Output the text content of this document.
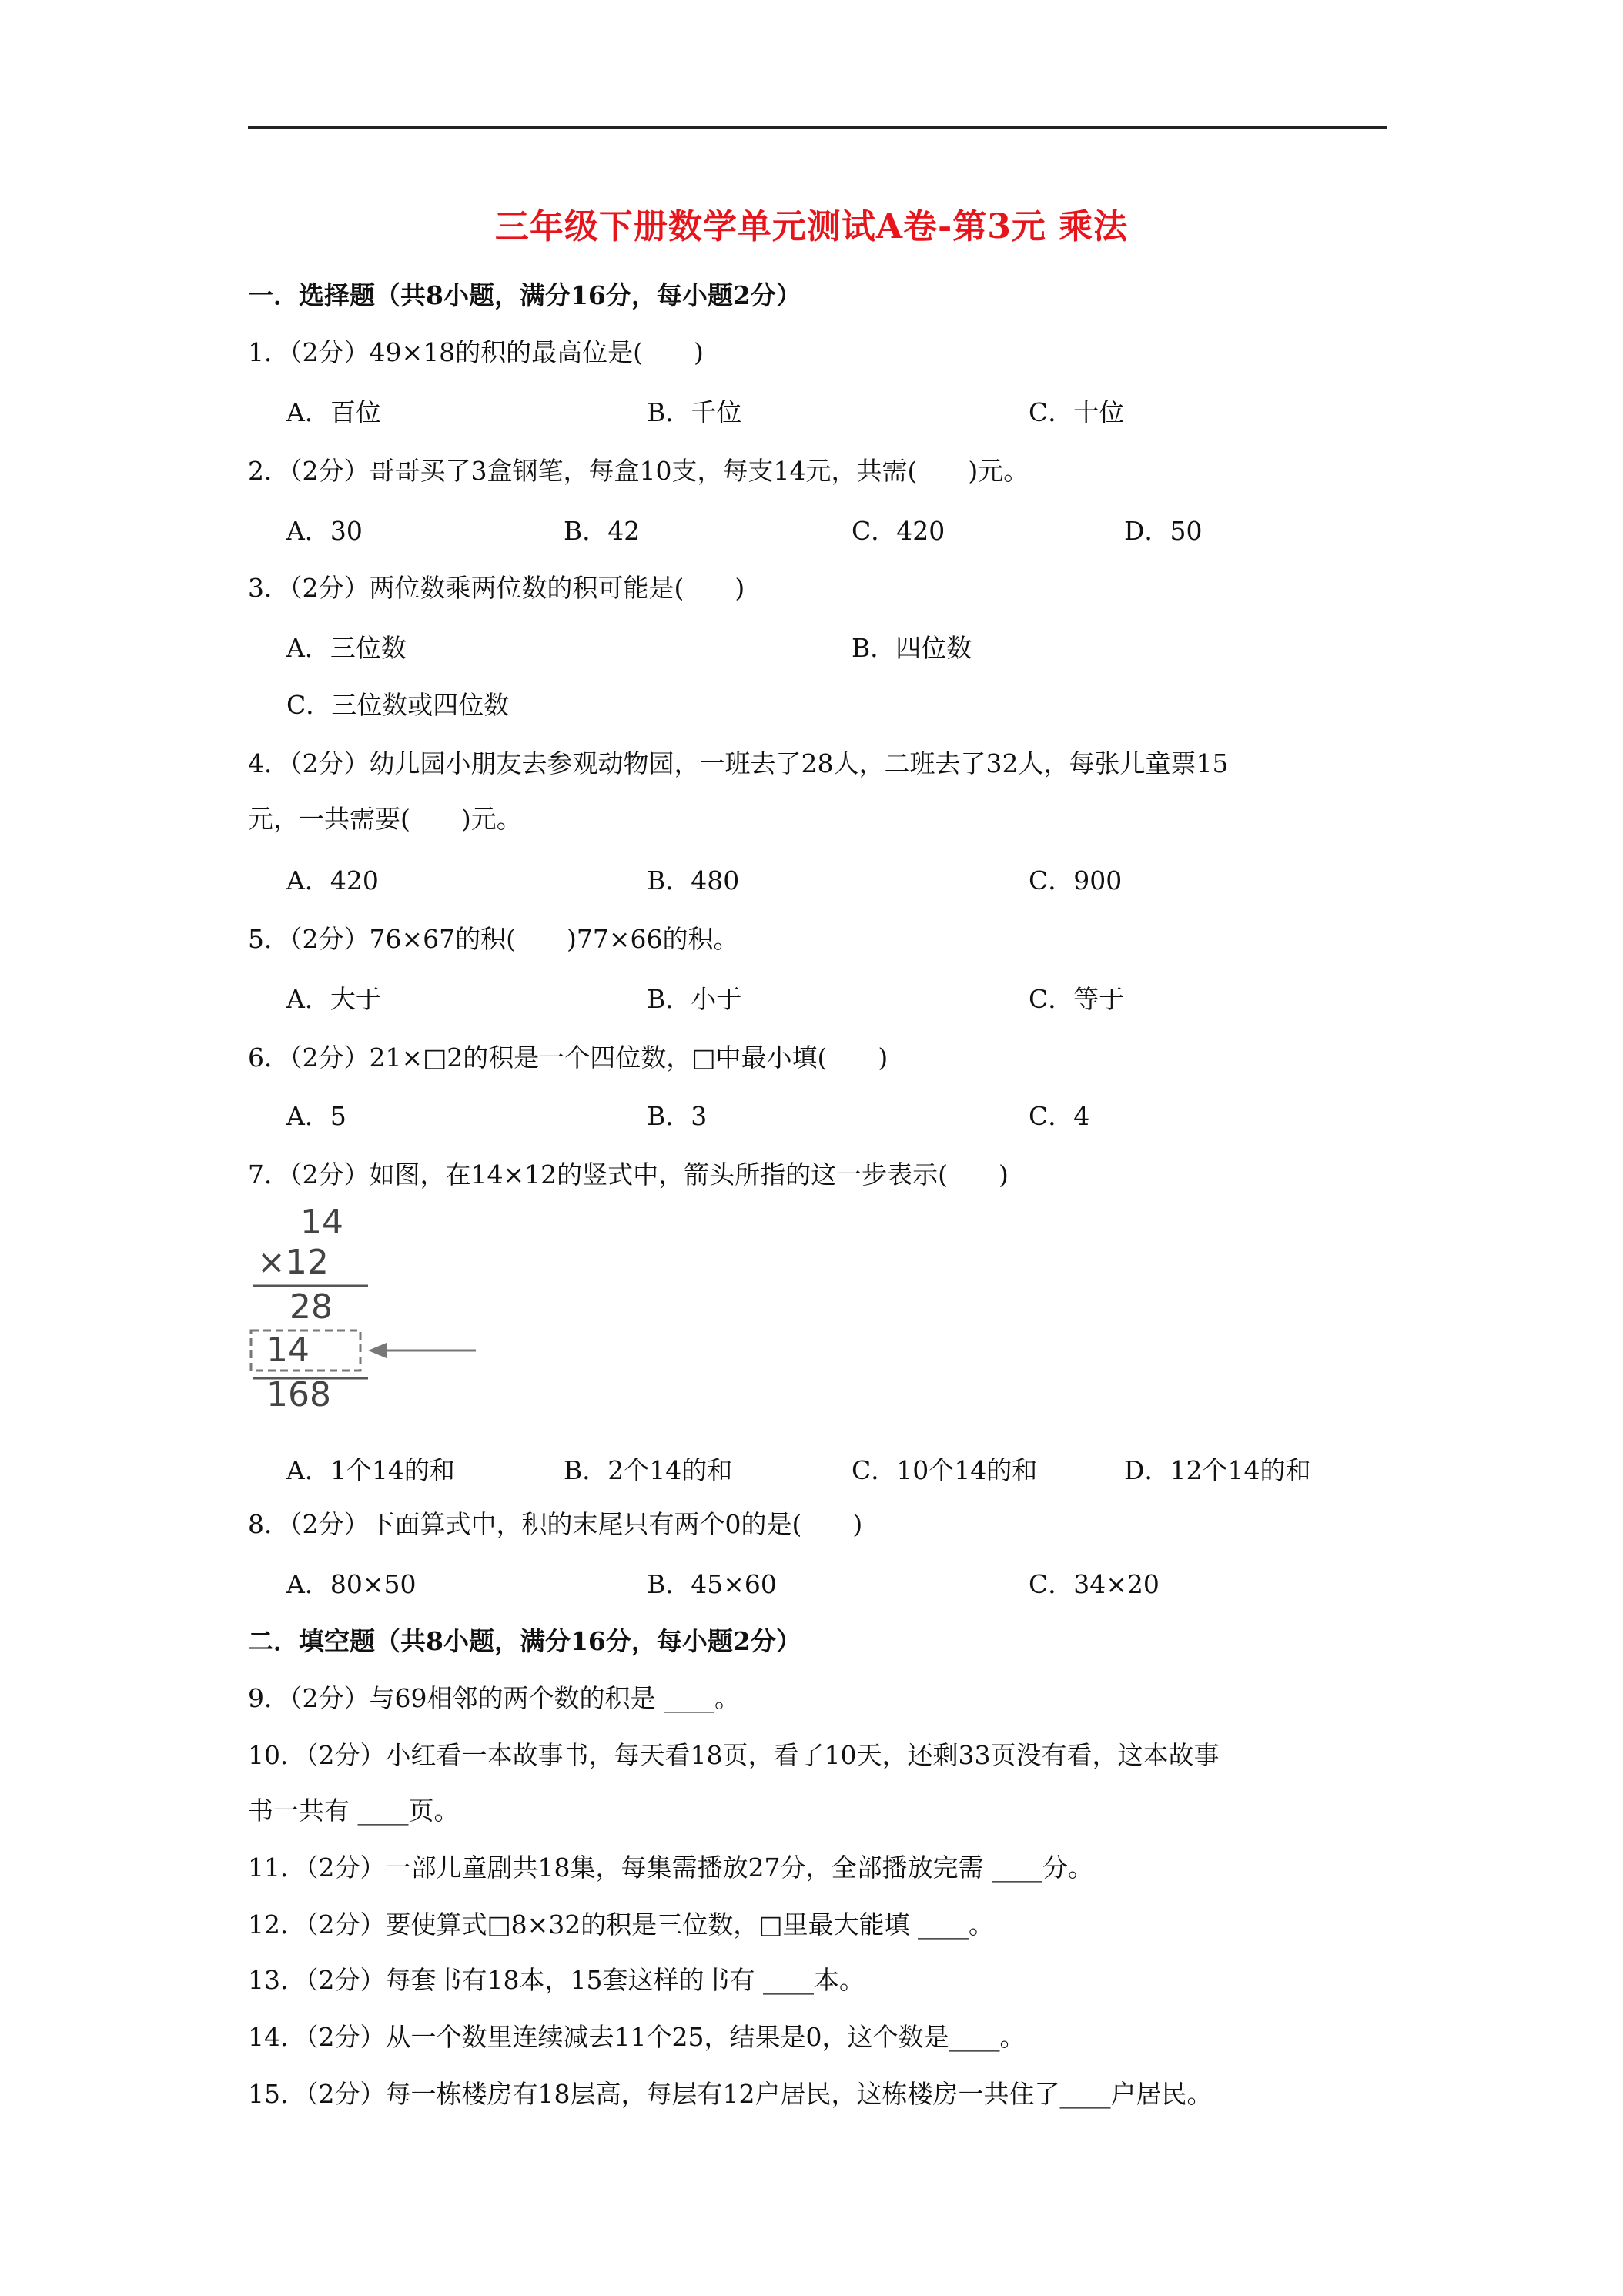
三年级下册数学单元测试A卷-第3元 乘法
一．选择题（共8小题，满分16分，每小题2分）
1．（2分）49×18的积的最高位是(　　)
A．百位	B．千位	C．十位
2．（2分）哥哥买了3盒钢笔，每盒10支，每支14元，共需(　　)元。
A．30	B．42	C．420	D．50
3．（2分）两位数乘两位数的积可能是(　　)
A．三位数	B．四位数
C．三位数或四位数
4．（2分）幼儿园小朋友去参观动物园，一班去了28人，二班去了32人，每张儿童票15
元，一共需要(　　)元。
A．420	B．480	C．900
5．（2分）76×67的积(　　)77×66的积。
A．大于	B．小于	C．等于
6．（2分）21×□2的积是一个四位数，□中最小填(　　)
A．5	B．3	C．4
7．（2分）如图，在14×12的竖式中，箭头所指的这一步表示(　　)
14
×12
28
14
168
A．1个14的和	B．2个14的和	C．10个14的和	D．12个14的和
8．（2分）下面算式中，积的末尾只有两个0的是(　　)
A．80×50	B．45×60	C．34×20
二．填空题（共8小题，满分16分，每小题2分）
9．（2分）与69相邻的两个数的积是 ____。
10．（2分）小红看一本故事书，每天看18页，看了10天，还剩33页没有看，这本故事
书一共有 ____页。
11．（2分）一部儿童剧共18集，每集需播放27分，全部播放完需 ____分。
12．（2分）要使算式□8×32的积是三位数，□里最大能填 ____。
13．（2分）每套书有18本，15套这样的书有 ____本。
14．（2分）从一个数里连续减去11个25，结果是0，这个数是____。
15．（2分）每一栋楼房有18层高，每层有12户居民，这栋楼房一共住了____户居民。
